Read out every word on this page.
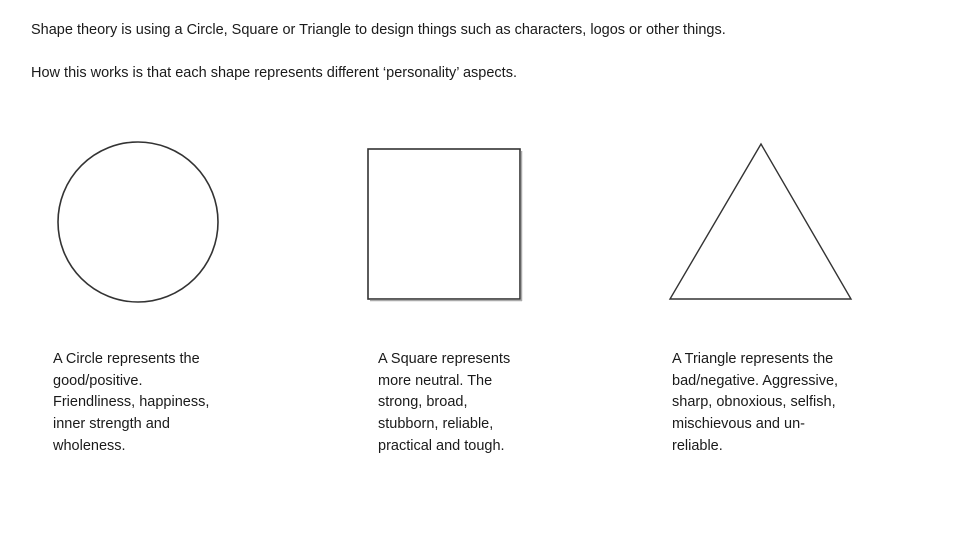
Shape theory is using a Circle, Square or Triangle to design things such as characters, logos or other things.
How this works is that each shape represents different ‘personality’ aspects.
A Circle represents the
good/positive.
Friendliness, happiness,
inner strength and
wholeness.
A Square represents
more neutral. The
strong, broad,
stubborn, reliable,
practical and tough.
A Triangle represents the
bad/negative. Aggressive,
sharp, obnoxious, selfish,
mischievous and un-
reliable.
